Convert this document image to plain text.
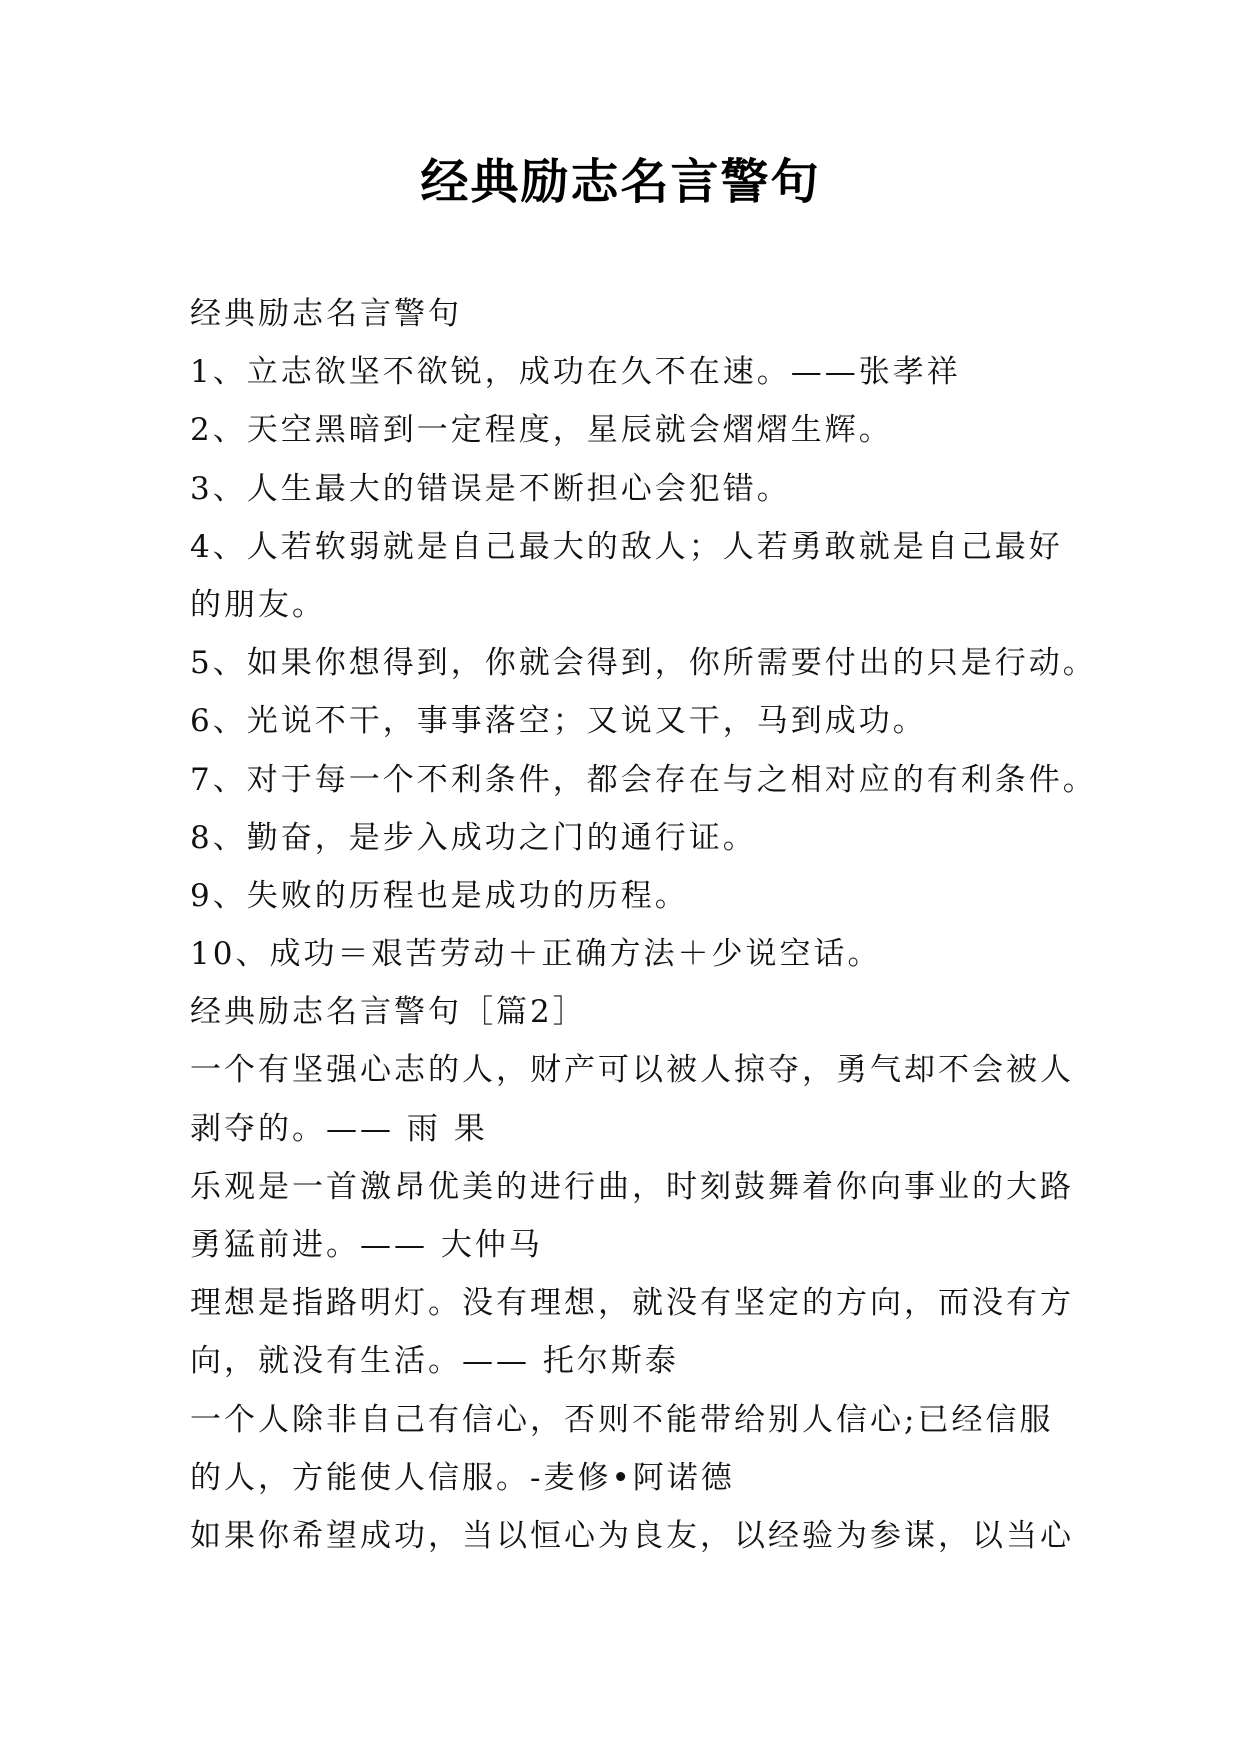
经典励志名言警句

经典励志名言警句

1、立志欲坚不欲锐，成功在久不在速。——张孝祥

2、天空黑暗到一定程度，星辰就会熠熠生辉。

3、人生最大的错误是不断担心会犯错。

4、人若软弱就是自己最大的敌人；人若勇敢就是自己最好

的朋友。

5、如果你想得到，你就会得到，你所需要付出的只是行动。

6、光说不干，事事落空；又说又干，马到成功。

7、对于每一个不利条件，都会存在与之相对应的有利条件。

8、勤奋，是步入成功之门的通行证。

9、失败的历程也是成功的历程。

10、成功＝艰苦劳动＋正确方法＋少说空话。

经典励志名言警句［篇2］

一个有坚强心志的人，财产可以被人掠夺，勇气却不会被人

剥夺的。—— 雨 果

乐观是一首激昂优美的进行曲，时刻鼓舞着你向事业的大路

勇猛前进。—— 大仲马

理想是指路明灯。没有理想，就没有坚定的方向，而没有方

向，就没有生活。—— 托尔斯泰

一个人除非自己有信心，否则不能带给别人信心;已经信服

的人，方能使人信服。-麦修•阿诺德

如果你希望成功，当以恒心为良友，以经验为参谋，以当心
